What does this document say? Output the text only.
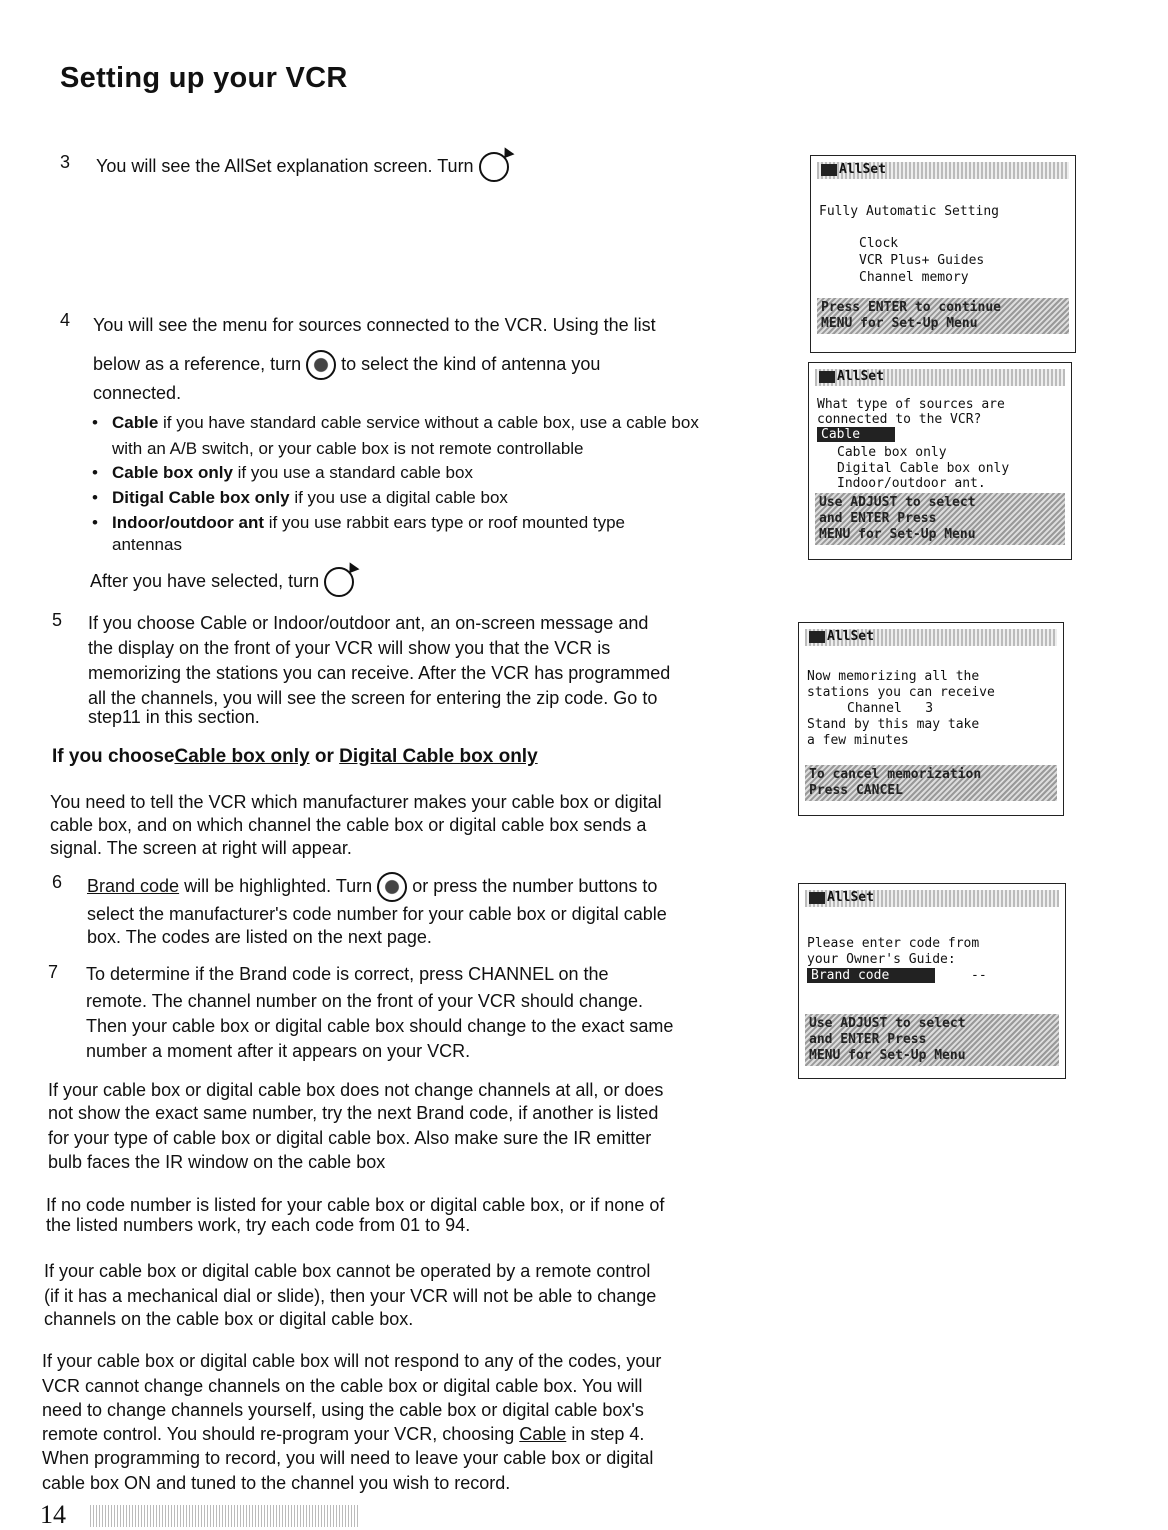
Setting up your VCR
3 You will see the AllSet explanation screen. Turn
4 You will see the menu for sources connected to the VCR. Using the list
below as a reference, turn to select the kind of antenna you
connected.
• Cable if you have standard cable service without a cable box, use a cable box
with an A/B switch, or your cable box is not remote controllable
• Cable box only if you use a standard cable box
• Ditigal Cable box only if you use a digital cable box
• Indoor/outdoor ant if you use rabbit ears type or roof mounted type
antennas
After you have selected, turn
5 If you choose Cable or Indoor/outdoor ant, an on-screen message and
the display on the front of your VCR will show you that the VCR is
memorizing the stations you can receive. After the VCR has programmed
all the channels, you will see the screen for entering the zip code. Go to
step11 in this section.
If you chooseCable box only or Digital Cable box only
You need to tell the VCR which manufacturer makes your cable box or digital
cable box, and on which channel the cable box or digital cable box sends a
signal. The screen at right will appear.
6 Brand code will be highlighted. Turn or press the number buttons to
select the manufacturer's code number for your cable box or digital cable
box. The codes are listed on the next page.
7 To determine if the Brand code is correct, press CHANNEL on the
remote. The channel number on the front of your VCR should change.
Then your cable box or digital cable box should change to the exact same
number a moment after it appears on your VCR.
If your cable box or digital cable box does not change channels at all, or does
not show the exact same number, try the next Brand code, if another is listed
for your type of cable box or digital cable box. Also make sure the IR emitter
bulb faces the IR window on the cable box
If no code number is listed for your cable box or digital cable box, or if none of
the listed numbers work, try each code from 01 to 94.
If your cable box or digital cable box cannot be operated by a remote control
(if it has a mechanical dial or slide), then your VCR will not be able to change
channels on the cable box or digital cable box.
If your cable box or digital cable box will not respond to any of the codes, your
VCR cannot change channels on the cable box or digital cable box. You will
need to change channels yourself, using the cable box or digital cable box's
remote control. You should re-program your VCR, choosing Cable in step 4.
When programming to record, you will need to leave your cable box or digital
cable box ON and tuned to the channel you wish to record.
14
AllSet
Fully Automatic Setting
Clock
VCR Plus+ Guides
Channel memory
Press ENTER to continue
MENU for Set-Up Menu
AllSet
What type of sources are
connected to the VCR?
Cable
Cable box only
Digital Cable box only
Indoor/outdoor ant.
Use ADJUST to select
and ENTER Press
MENU for Set-Up Menu
AllSet
Now memorizing all the
stations you can receive
Channel   3
Stand by this may take
a few minutes
To cancel memorization
Press CANCEL
AllSet
Please enter code from
your Owner's Guide:
Brand code	--
Use ADJUST to select
and ENTER Press
MENU for Set-Up Menu
